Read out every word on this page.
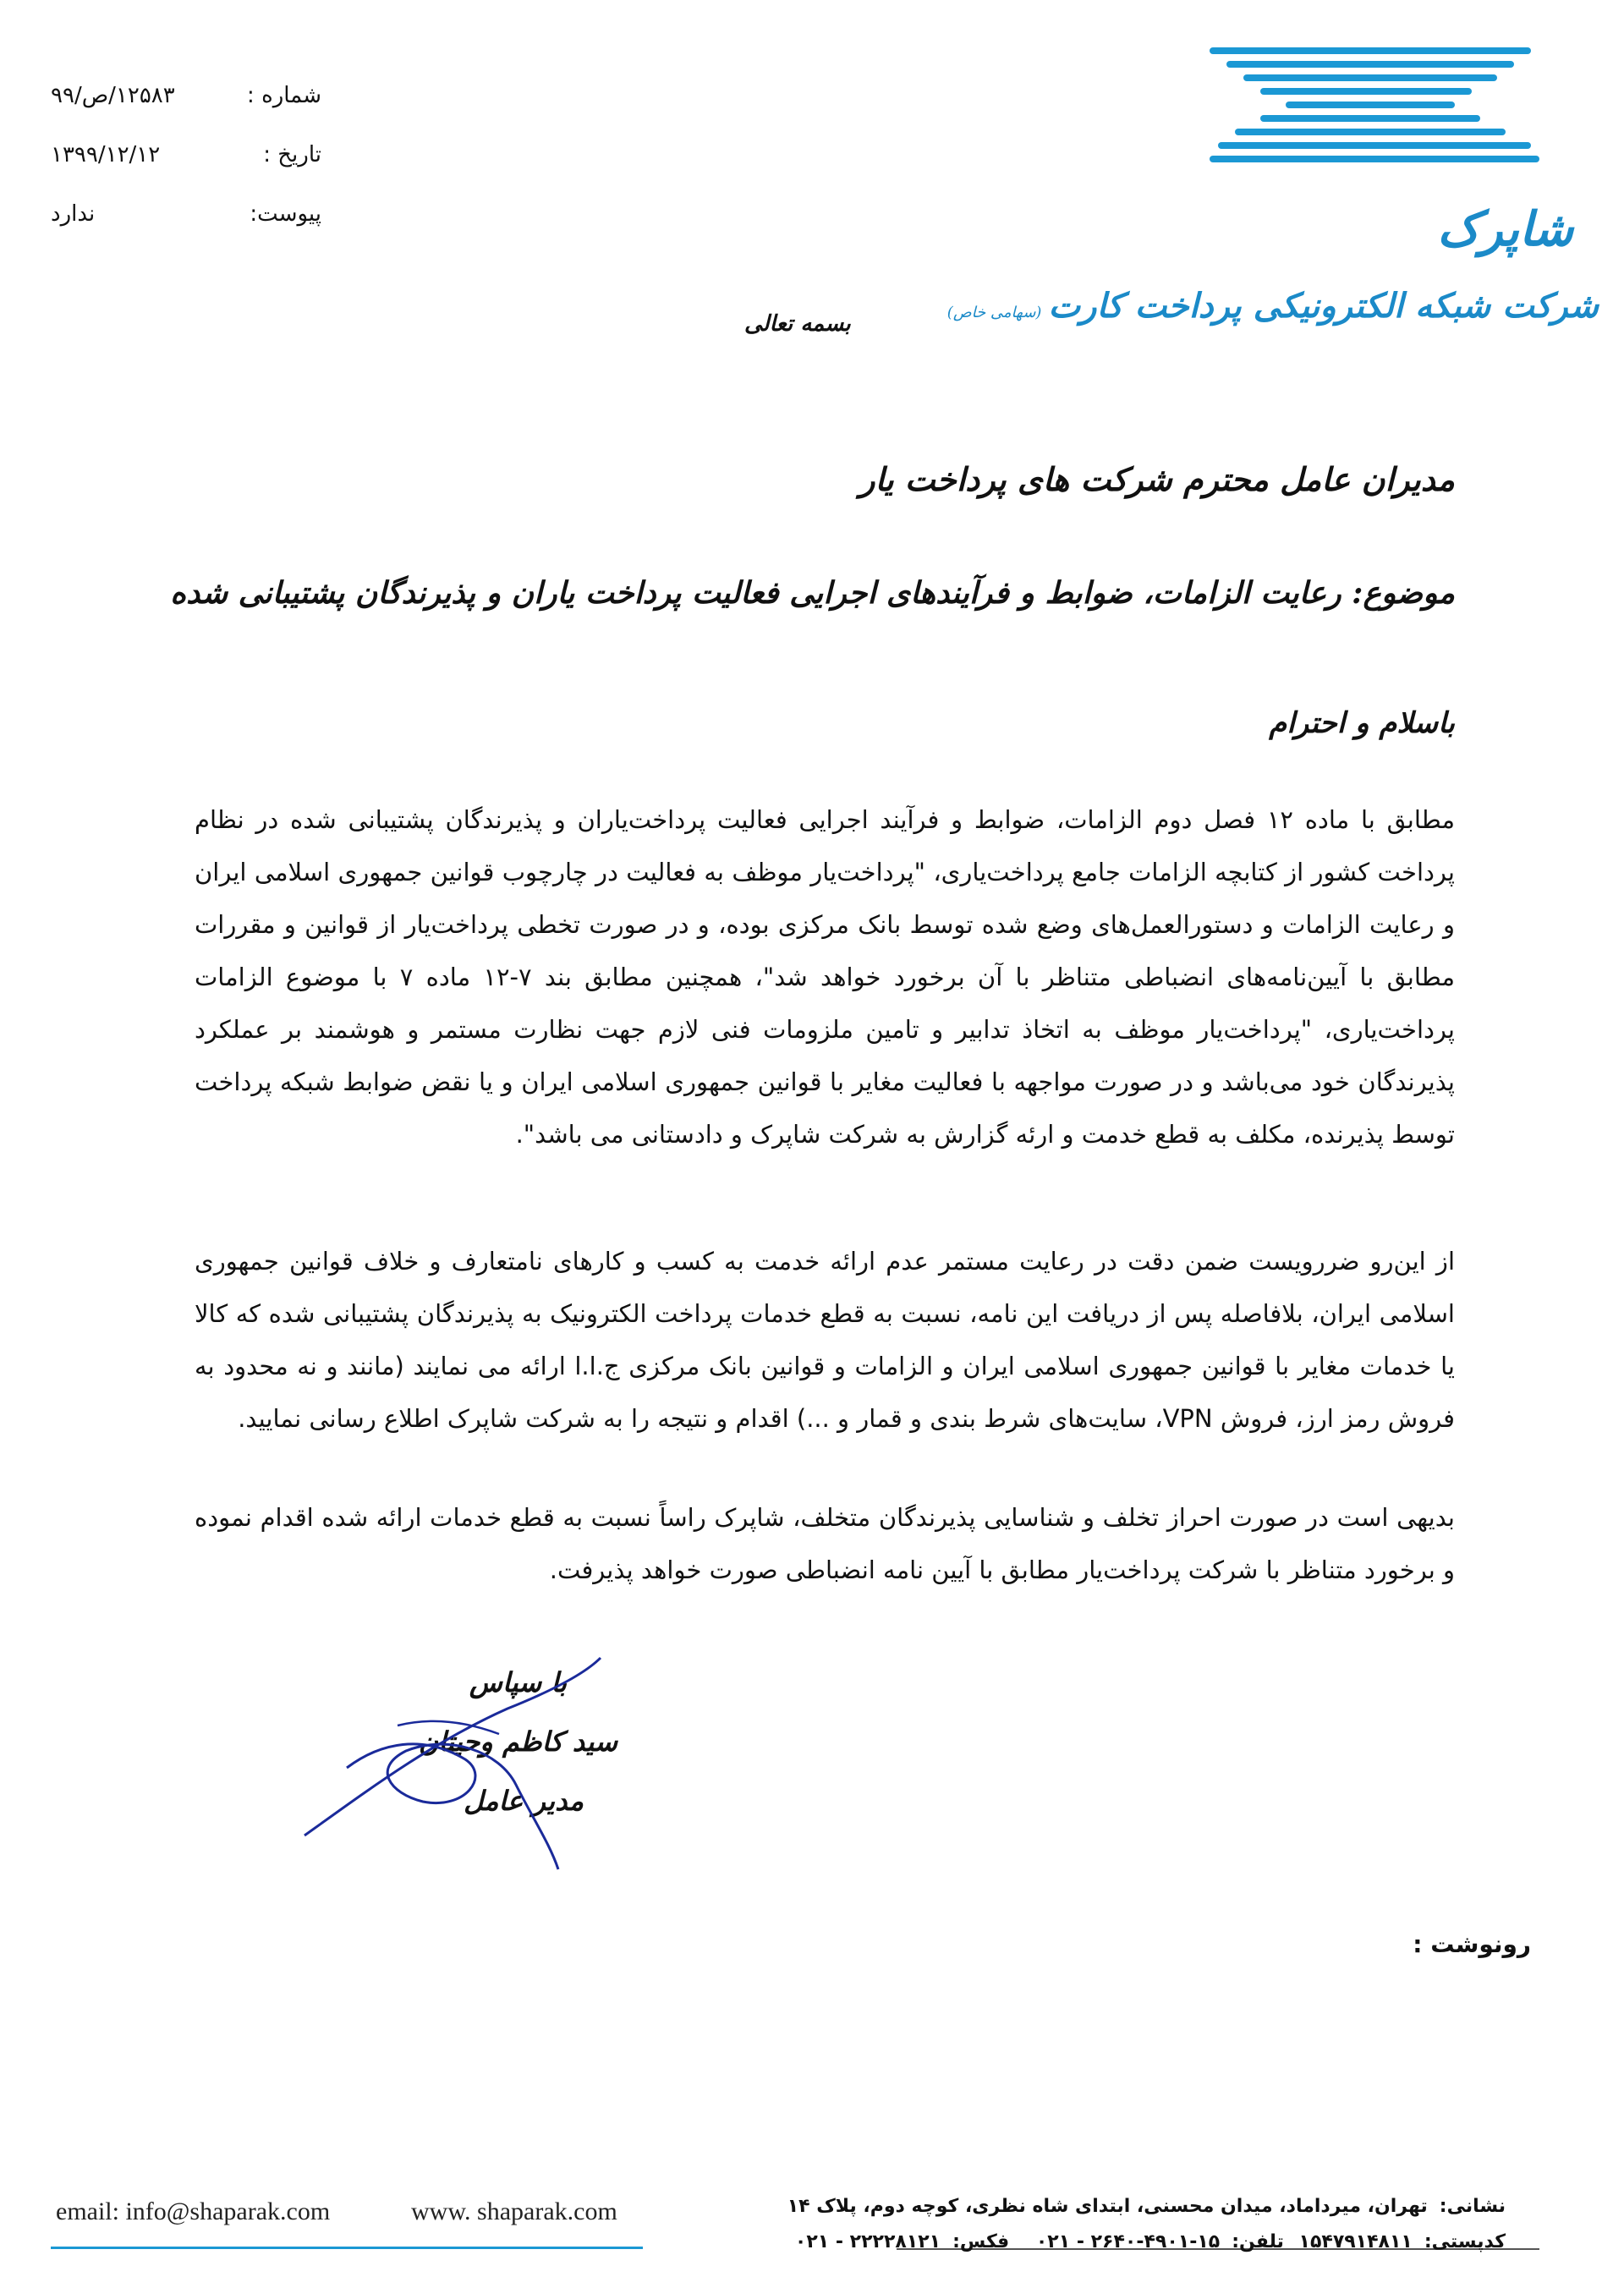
شماره :
۱۲۵۸۳/ص/۹۹
تاریخ :
۱۳۹۹/۱۲/۱۲
پیوست:
ندارد	شاپرک
شرکت شبکه الکترونیکی پرداخت کارت(سهامی خاص)
بسمه تعالی
مدیران عامل محترم شرکت های پرداخت یار
موضوع: رعایت الزامات، ضوابط و فرآیندهای اجرایی فعالیت پرداخت یاران و پذیرندگان پشتیبانی شده
باسلام و احترام
مطابق با ماده ۱۲ فصل دوم الزامات، ضوابط و فرآیند اجرایی فعالیت پرداخت‌یاران و پذیرندگان پشتیبانی شده در نظام پرداخت کشور از کتابچه الزامات جامع پرداخت‌یاری، "پرداخت‌یار موظف به فعالیت در چارچوب قوانین جمهوری اسلامی ایران و رعایت الزامات و دستورالعمل‌های وضع شده توسط بانک مرکزی بوده، و در صورت تخطی پرداخت‌یار از قوانین و مقررات مطابق با آیین‌نامه‌های انضباطی متناظر با آن برخورد خواهد شد"، همچنین مطابق بند ۷-۱۲ ماده ۷ با موضوع الزامات پرداخت‌یاری، "پرداخت‌یار موظف به اتخاذ تدابیر و تامین ملزومات فنی لازم جهت نظارت مستمر و هوشمند بر عملکرد پذیرندگان خود می‌باشد و در صورت مواجهه با فعالیت مغایر با قوانین جمهوری اسلامی ایران و یا نقض ضوابط شبکه پرداخت توسط پذیرنده، مکلف به قطع خدمت و ارئه گزارش به شرکت شاپرک و دادستانی می باشد".
از این‌رو ضررویست ضمن دقت در رعایت مستمر عدم ارائه خدمت به کسب و کارهای نامتعارف و خلاف قوانین جمهوری اسلامی ایران، بلافاصله پس از دریافت این نامه، نسبت به قطع خدمات پرداخت الکترونیک به پذیرندگان پشتیبانی شده که کالا یا خدمات مغایر با قوانین جمهوری اسلامی ایران و الزامات و قوانین بانک مرکزی ج.ا.ا ارائه می نمایند (مانند و نه محدود به فروش رمز ارز، فروش VPN، سایت‌های شرط بندی و قمار و ...) اقدام و نتیجه را به شرکت شاپرک اطلاع رسانی نمایید.
بدیهی است در صورت احراز تخلف و شناسایی پذیرندگان متخلف، شاپرک راساً نسبت به قطع خدمات ارائه شده اقدام نموده و برخورد متناظر با شرکت پرداخت‌یار مطابق با آیین نامه انضباطی صورت خواهد پذیرفت.
با سپاس
سید کاظم وحیتان
مدیر عامل
رونوشت :
email: info@shaparak.com	www. shaparak.com	نشانی:تهران، میرداماد، میدان محسنی، ابتدای شاه نظری، کوچه دوم، پلاک ۱۴
کدپستی:۱۵۴۷۹۱۴۸۱۱ تلفن:۱۵-۴۹۰۱-۲۶۴۰ - ۰۲۱ فکس:۲۲۲۲۸۱۲۱ - ۰۲۱
